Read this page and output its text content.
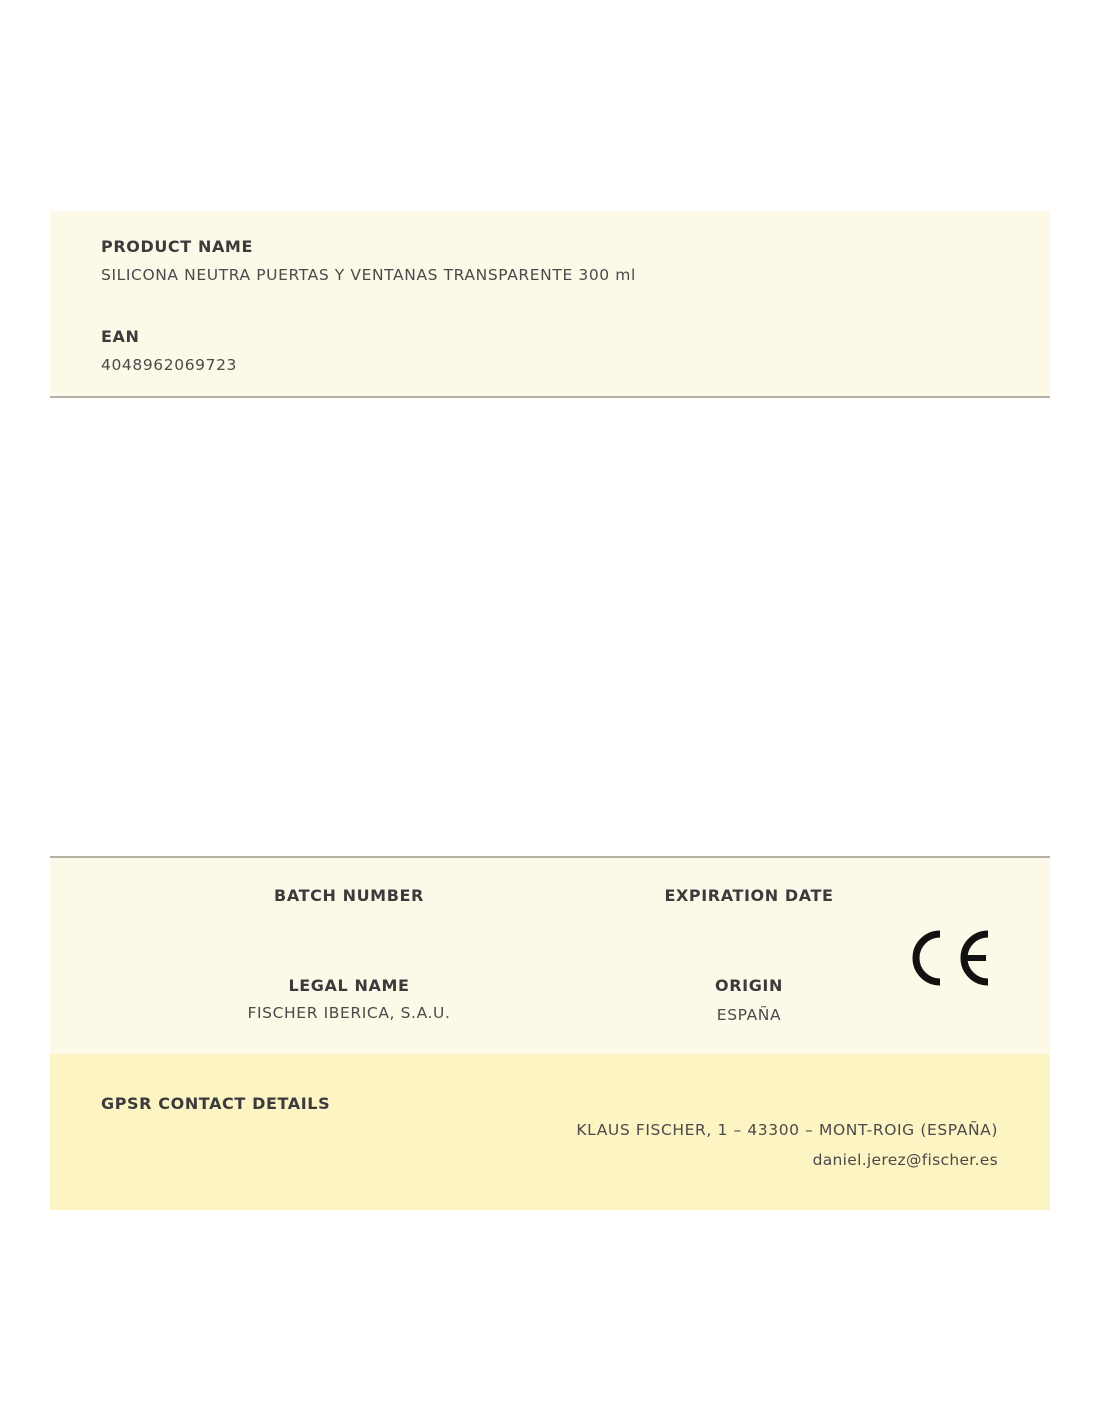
PRODUCT NAME
SILICONA NEUTRA PUERTAS Y VENTANAS TRANSPARENTE 300 ml
EAN
4048962069723
BATCH NUMBER	EXPIRATION DATE
LEGAL NAME
FISCHER IBERICA, S.A.U.
ORIGIN
ESPAÑA
GPSR CONTACT DETAILS
KLAUS FISCHER, 1 – 43300 – MONT-ROIG (ESPAÑA)
daniel.jerez@fischer.es
